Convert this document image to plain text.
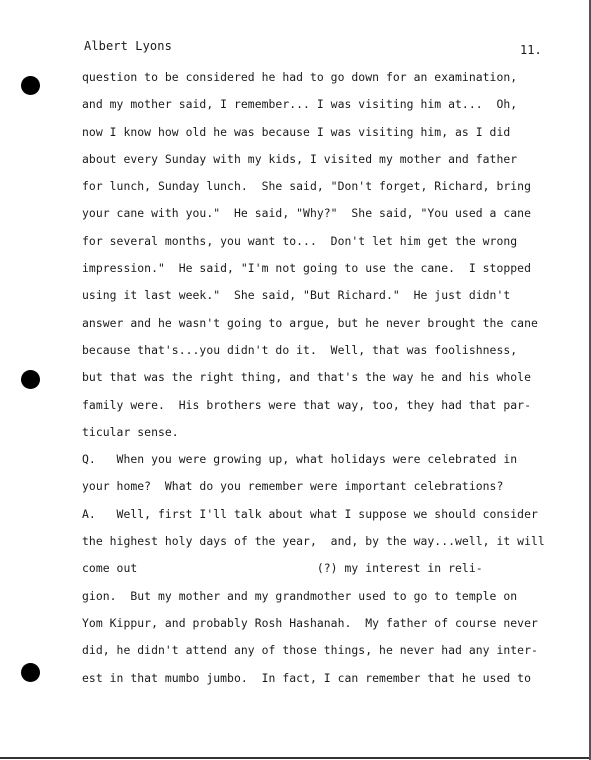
Albert Lyons	11.
question to be considered he had to go down for an examination,
and my mother said, I remember... I was visiting him at...  Oh,
now I know how old he was because I was visiting him, as I did
about every Sunday with my kids, I visited my mother and father
for lunch, Sunday lunch.  She said, "Don't forget, Richard, bring
your cane with you."  He said, "Why?"  She said, "You used a cane
for several months, you want to...  Don't let him get the wrong
impression."  He said, "I'm not going to use the cane.  I stopped
using it last week."  She said, "But Richard."  He just didn't
answer and he wasn't going to argue, but he never brought the cane
because that's...you didn't do it.  Well, that was foolishness,
but that was the right thing, and that's the way he and his whole
family were.  His brothers were that way, too, they had that par-
ticular sense.
Q.   When you were growing up, what holidays were celebrated in
your home?  What do you remember were important celebrations?
A.   Well, first I'll talk about what I suppose we should consider
the highest holy days of the year,  and, by the way...well, it will
come out                          (?) my interest in reli-
gion.  But my mother and my grandmother used to go to temple on
Yom Kippur, and probably Rosh Hashanah.  My father of course never
did, he didn't attend any of those things, he never had any inter-
est in that mumbo jumbo.  In fact, I can remember that he used to
